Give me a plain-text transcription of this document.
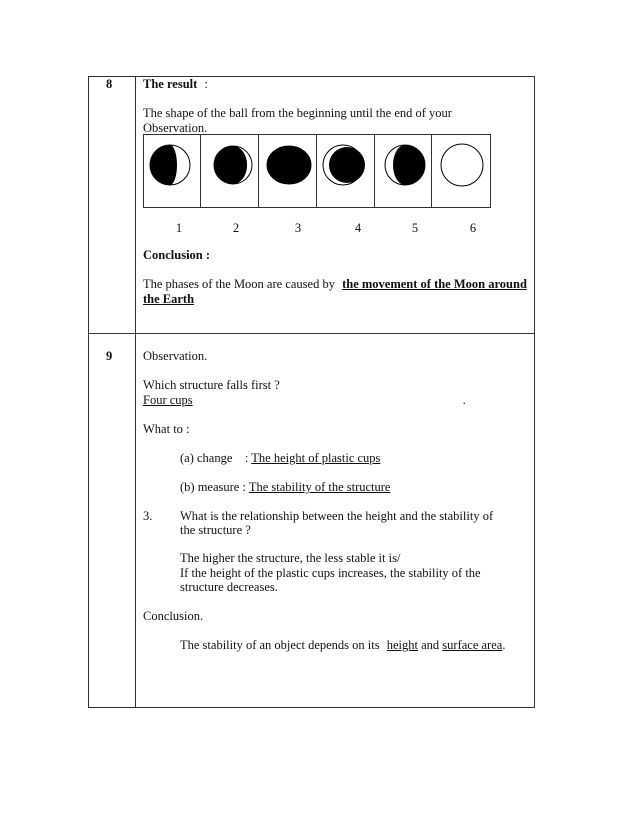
8 The result :
The shape of the ball from the beginning until the end of your
Observation.
1	2	3	4	5	6
Conclusion :
The phases of the Moon are caused by the movement of the Moon around
the Earth
9 Observation.
Which structure falls first ?
Four cups	.
What to :
(a) change    : The height of plastic cups
(b) measure : The stability of the structure
3. What is the relationship between the height and the stability of
the structure ?
The higher the structure, the less stable it is/
If the height of the plastic cups increases, the stability of the
structure decreases.
Conclusion.
The stability of an object depends on its height and surface area.
